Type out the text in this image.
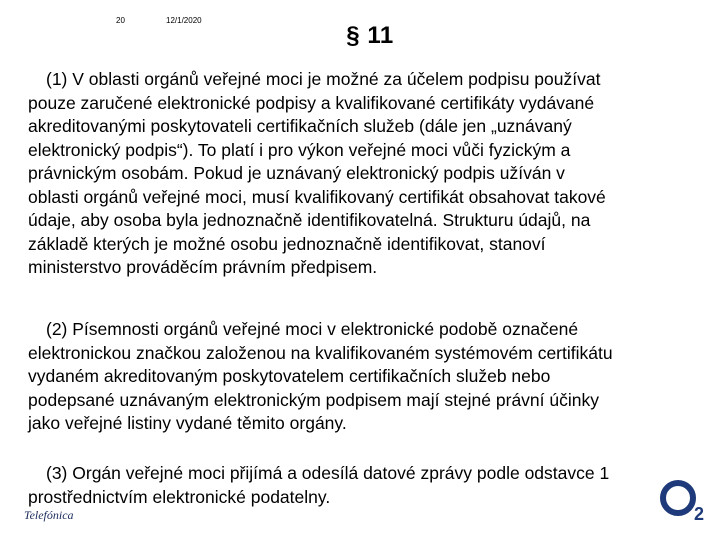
20	12/1/2020
§ 11
(1) V oblasti orgánů veřejné moci je možné za účelem podpisu používat
pouze zaručené elektronické podpisy a kvalifikované certifikáty vydávané
akreditovanými poskytovateli certifikačních služeb (dále jen „uznávaný
elektronický podpis“). To platí i pro výkon veřejné moci vůči fyzickým a
právnickým osobám. Pokud je uznávaný elektronický podpis užíván v
oblasti orgánů veřejné moci, musí kvalifikovaný certifikát obsahovat takové
údaje, aby osoba byla jednoznačně identifikovatelná. Strukturu údajů, na
základě kterých je možné osobu jednoznačně identifikovat, stanoví
ministerstvo prováděcím právním předpisem.
(2) Písemnosti orgánů veřejné moci v elektronické podobě označené
elektronickou značkou založenou na kvalifikovaném systémovém certifikátu
vydaném akreditovaným poskytovatelem certifikačních služeb nebo
podepsané uznávaným elektronickým podpisem mají stejné právní účinky
jako veřejné listiny vydané těmito orgány.
(3) Orgán veřejné moci přijímá a odesílá datové zprávy podle odstavce 1
prostřednictvím elektronické podatelny.
Telefónica	2
